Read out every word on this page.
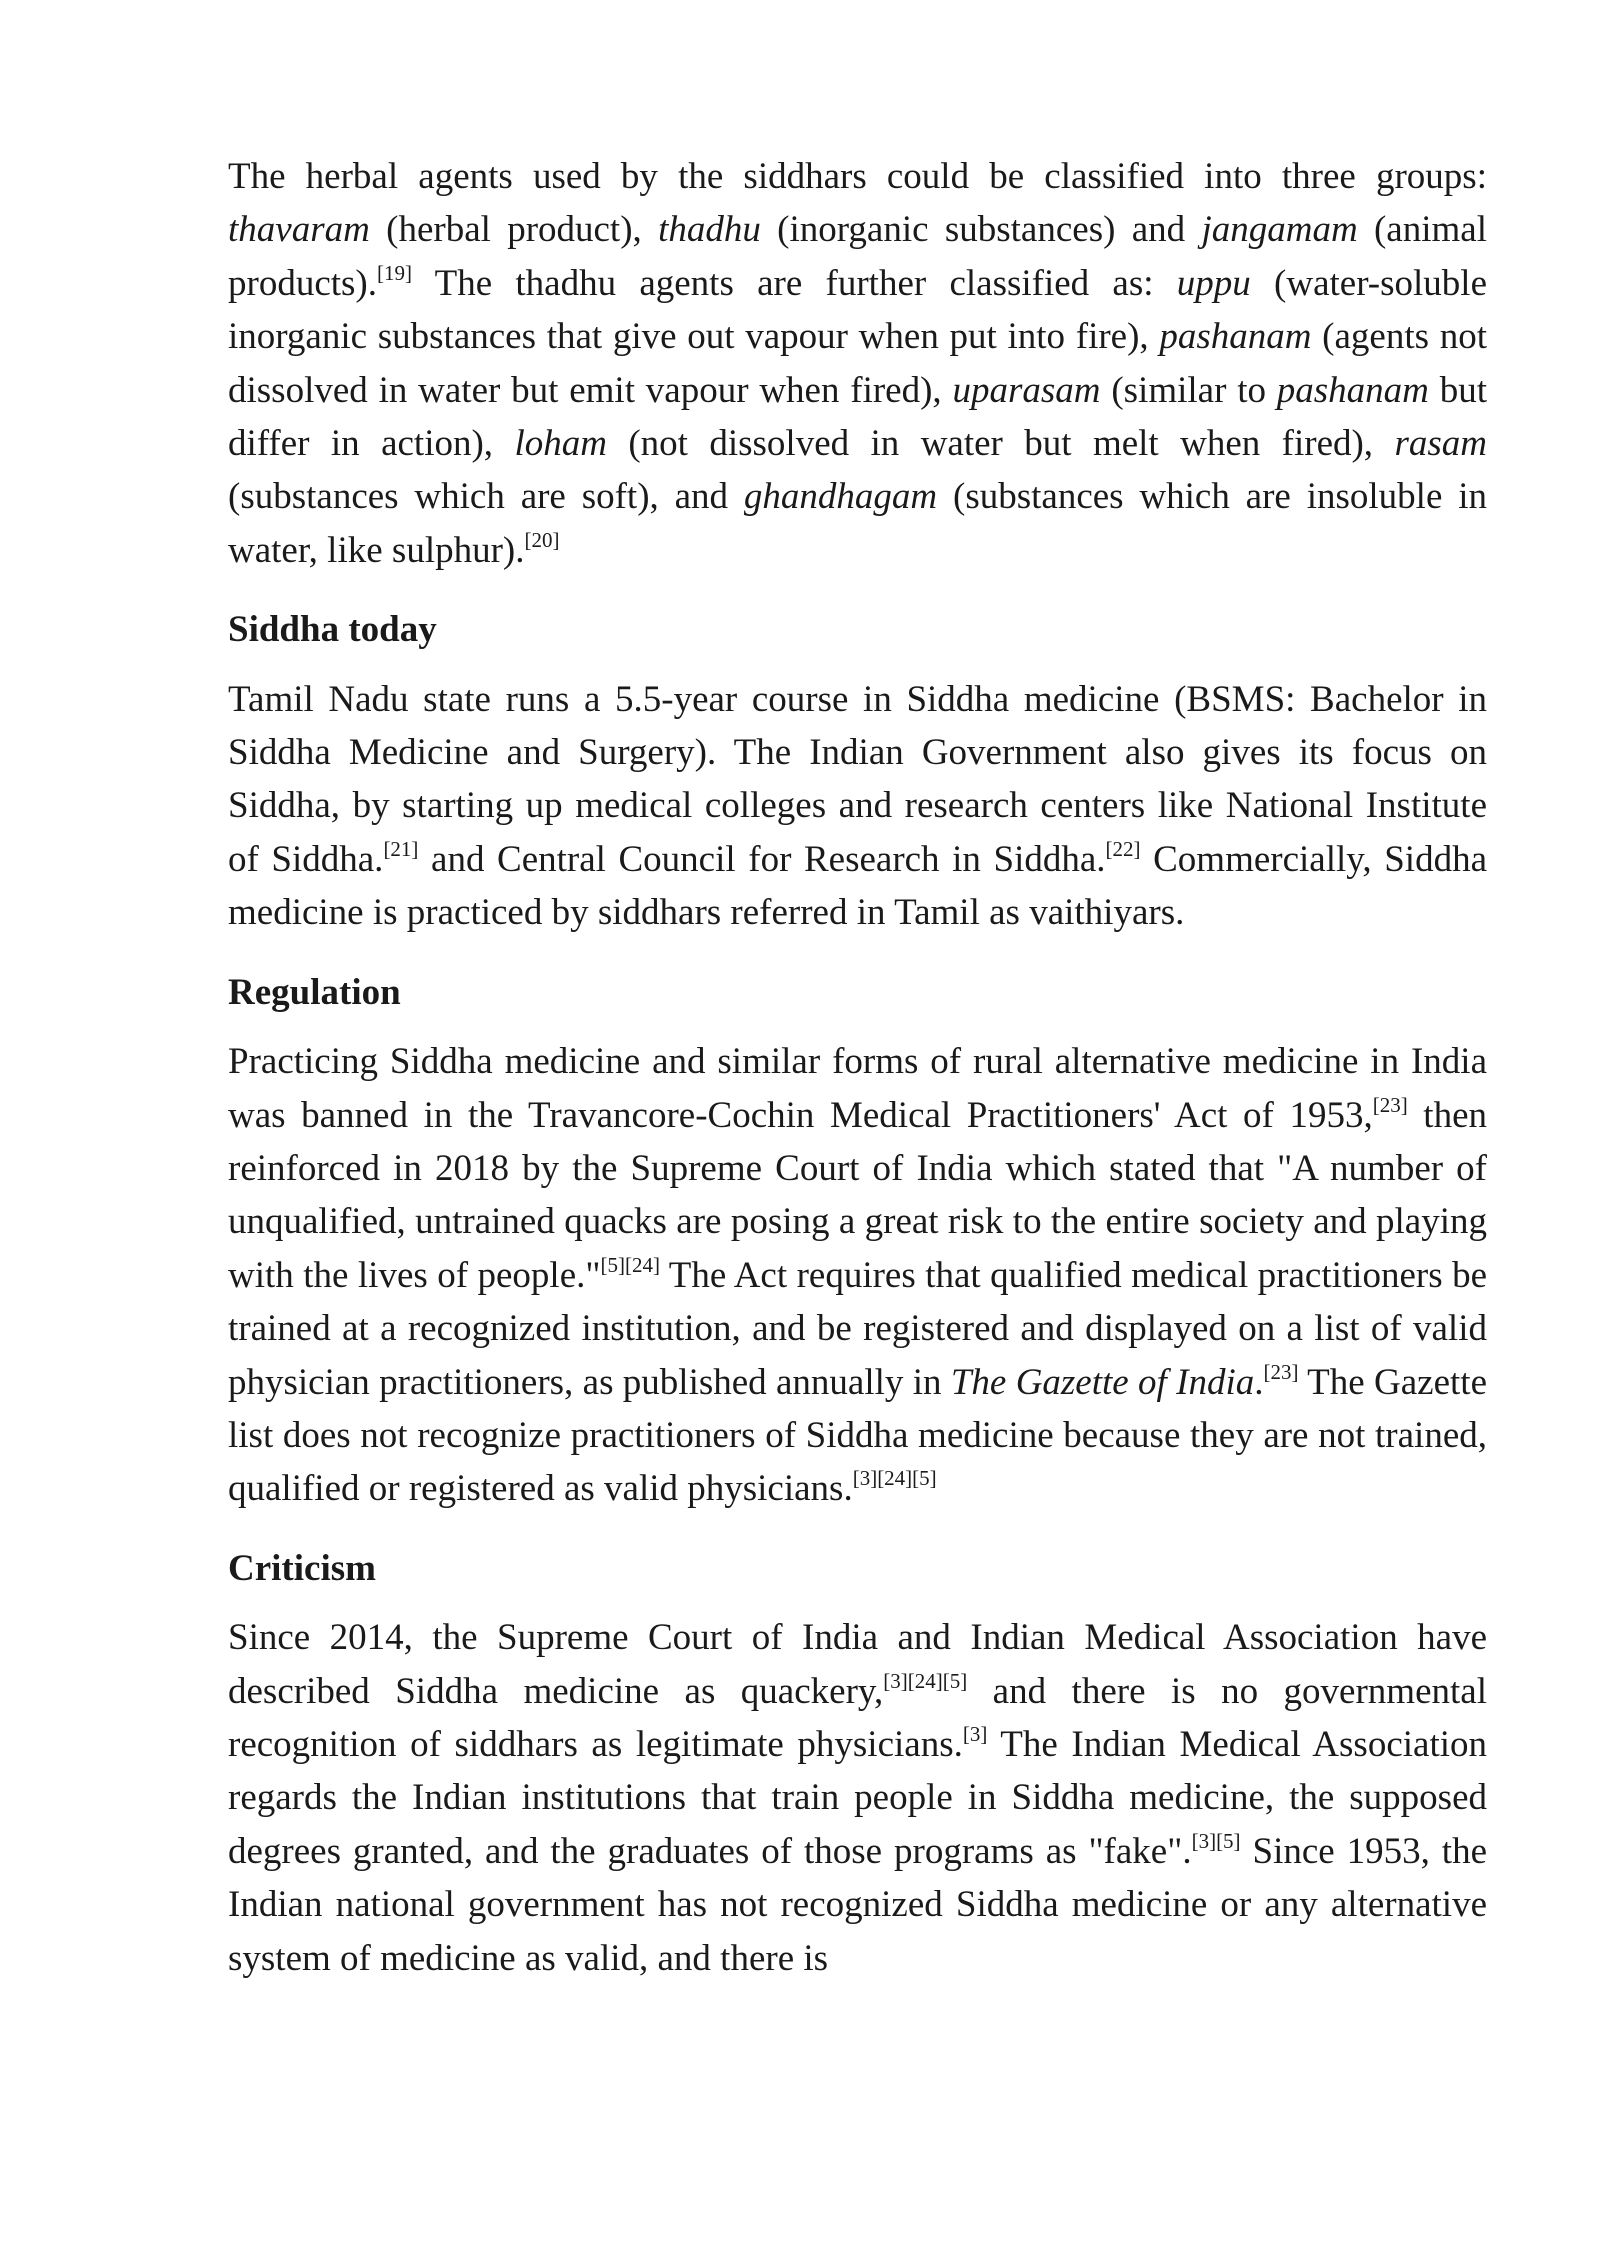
The herbal agents used by the siddhars could be classified into three groups: thavaram (herbal product), thadhu (inorganic substances) and jangamam (animal products).[19] The thadhu agents are further classified as: uppu (water-soluble inorganic substances that give out vapour when put into fire), pashanam (agents not dissolved in water but emit vapour when fired), uparasam (similar to pashanam but differ in action), loham (not dissolved in water but melt when fired), rasam (substances which are soft), and ghandhagam (substances which are insoluble in water, like sulphur).[20]

Siddha today

Tamil Nadu state runs a 5.5-year course in Siddha medicine (BSMS: Bachelor in Siddha Medicine and Surgery). The Indian Government also gives its focus on Siddha, by starting up medical colleges and research centers like National Institute of Siddha.[21] and Central Council for Research in Siddha.[22] Commercially, Siddha medicine is practiced by siddhars referred in Tamil as vaithiyars.

Regulation

Practicing Siddha medicine and similar forms of rural alternative medicine in India was banned in the Travancore-Cochin Medical Practitioners' Act of 1953,[23] then reinforced in 2018 by the Supreme Court of India which stated that "A number of unqualified, untrained quacks are posing a great risk to the entire society and playing with the lives of people."[5][24] The Act requires that qualified medical practitioners be trained at a recognized institution, and be registered and displayed on a list of valid physician practitioners, as published annually in The Gazette of India.[23] The Gazette list does not recognize practitioners of Siddha medicine because they are not trained, qualified or registered as valid physicians.[3][24][5]

Criticism

Since 2014, the Supreme Court of India and Indian Medical Association have described Siddha medicine as quackery,[3][24][5] and there is no governmental recognition of siddhars as legitimate physicians.[3] The Indian Medical Association regards the Indian institutions that train people in Siddha medicine, the supposed degrees granted, and the graduates of those programs as "fake".[3][5] Since 1953, the Indian national government has not recognized Siddha medicine or any alternative system of medicine as valid, and there is
